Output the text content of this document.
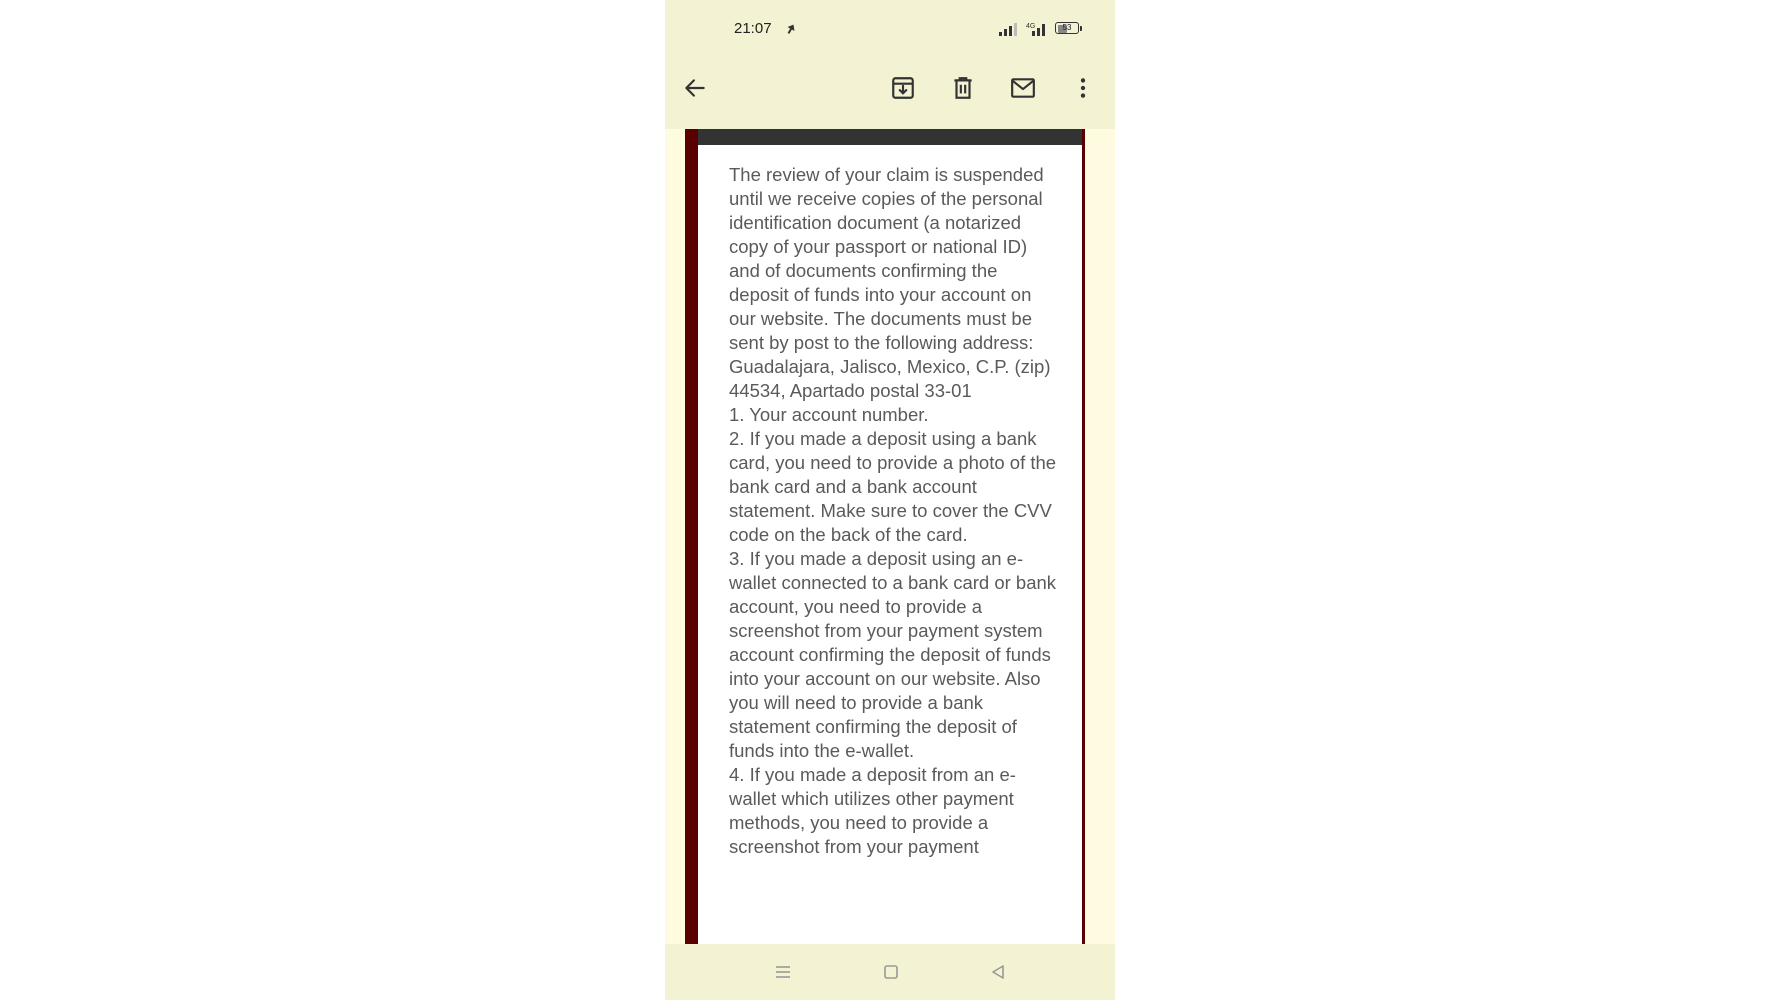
21:07	4G	53

The review of your claim is suspended until we receive copies of the personal identification document (a notarized copy of your passport or national ID) and of documents confirming the deposit of funds into your account on our website. The documents must be sent by post to the following address: Guadalajara, Jalisco, Mexico, C.P. (zip) 44534, Apartado postal 33-01

1. Your account number.

2. If you made a deposit using a bank card, you need to provide a photo of the bank card and a bank account statement. Make sure to cover the CVV code on the back of the card.

3. If you made a deposit using an e-wallet connected to a bank card or bank account, you need to provide a screenshot from your payment system account confirming the deposit of funds into your account on our website. Also you will need to provide a bank statement confirming the deposit of funds into the e-wallet.

4. If you made a deposit from an e-wallet which utilizes other payment methods, you need to provide a screenshot from your payment
